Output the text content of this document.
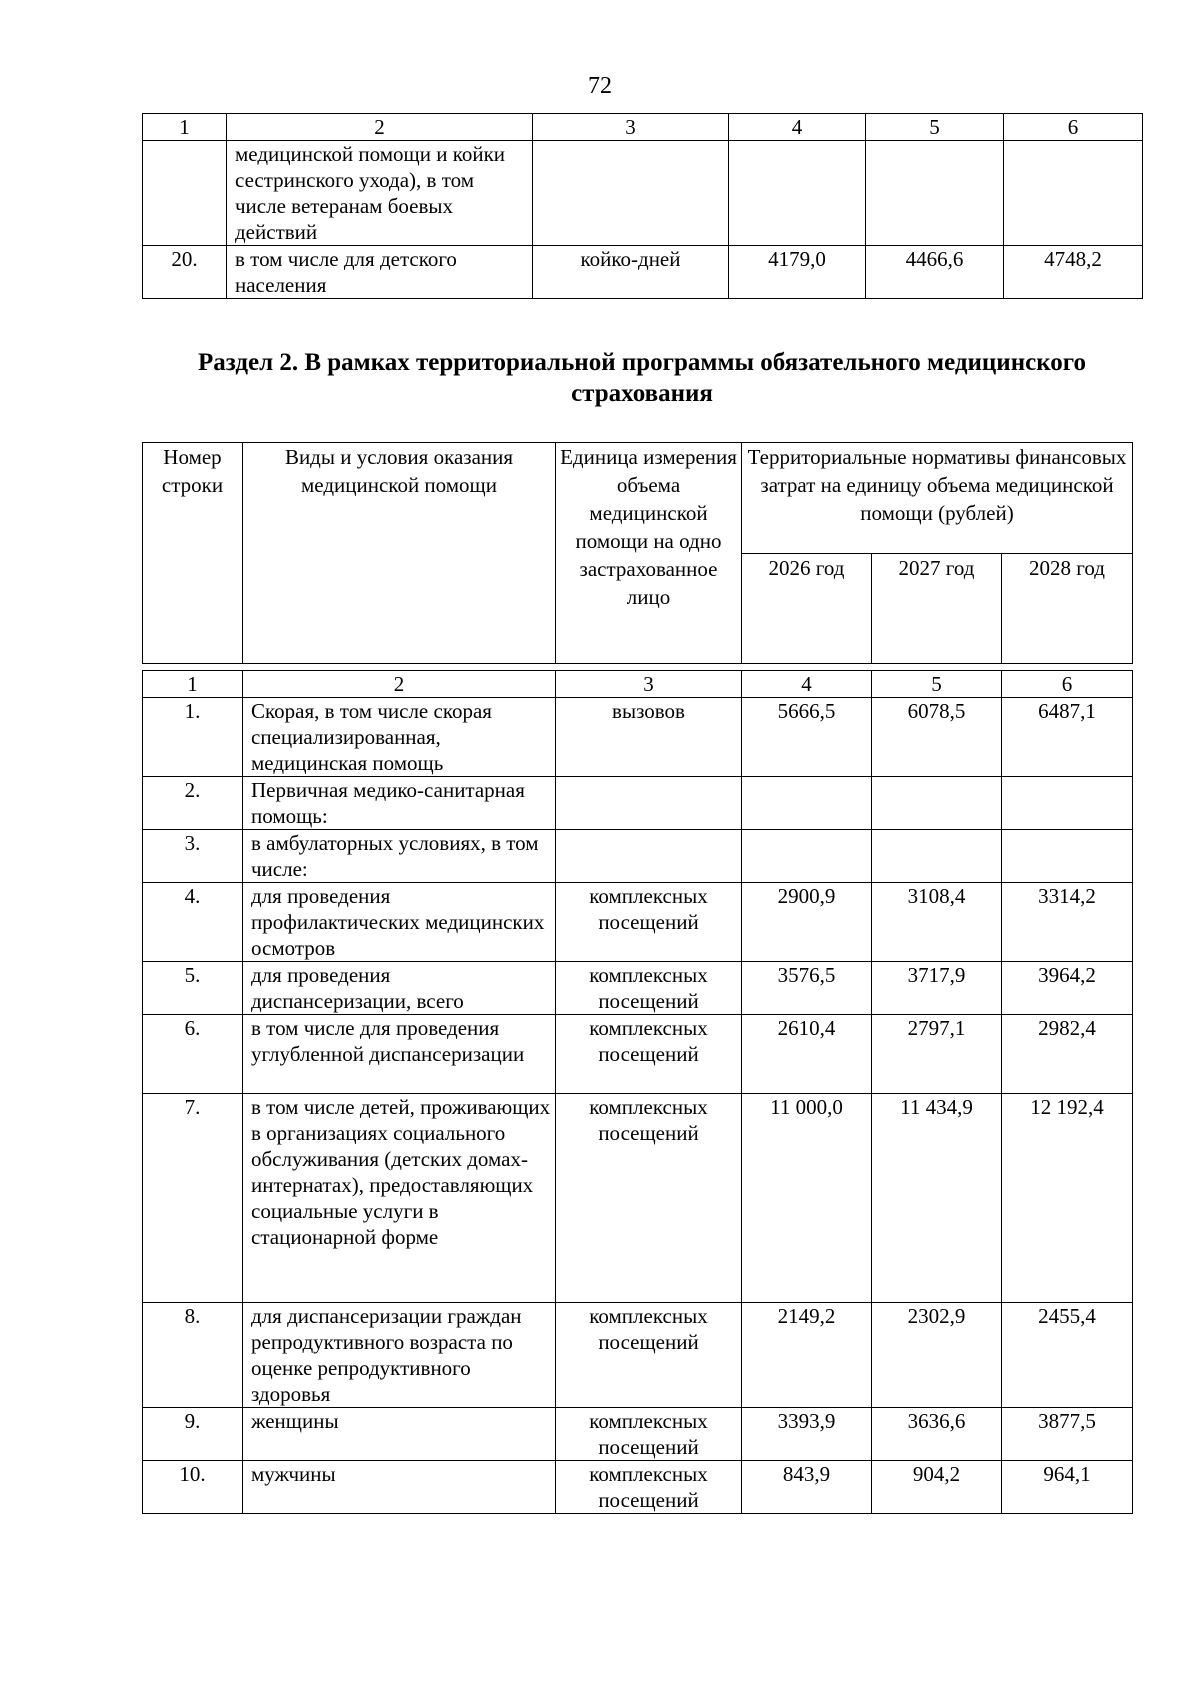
72
1	2	3	4	5	6
	медицинской помощи и койки сестринского ухода), в том числе ветеранам боевых действий				
20.	в том числе для детского населения	койко-дней	4179,0	4466,6	4748,2
Раздел 2. В рамках территориальной программы обязательного медицинского страхования
Номер строки	Виды и условия оказания медицинской помощи	Единица измерения объема медицинской помощи на одно застрахованное лицо	Территориальные нормативы финансовых затрат на единицу объема медицинской помощи (рублей)		
			2026 год	2027 год	2028 год
1	2	3	4	5	6
1.	Скорая, в том числе скорая специализированная, медицинская помощь	вызовов	5666,5	6078,5	6487,1
2.	Первичная медико-санитарная помощь:				
3.	в амбулаторных условиях, в том числе:				
4.	для проведения профилактических медицинских осмотров	комплексных посещений	2900,9	3108,4	3314,2
5.	для проведения диспансеризации, всего	комплексных посещений	3576,5	3717,9	3964,2
6.	в том числе для проведения углубленной диспансеризации	комплексных посещений	2610,4	2797,1	2982,4
7.	в том числе детей, проживающих в организациях социального обслуживания (детских домах-интернатах), предоставляющих социальные услуги в стационарной форме	комплексных посещений	11 000,0	11 434,9	12 192,4
8.	для диспансеризации граждан репродуктивного возраста по оценке репродуктивного здоровья	комплексных посещений	2149,2	2302,9	2455,4
9.	женщины	комплексных посещений	3393,9	3636,6	3877,5
10.	мужчины	комплексных посещений	843,9	904,2	964,1
